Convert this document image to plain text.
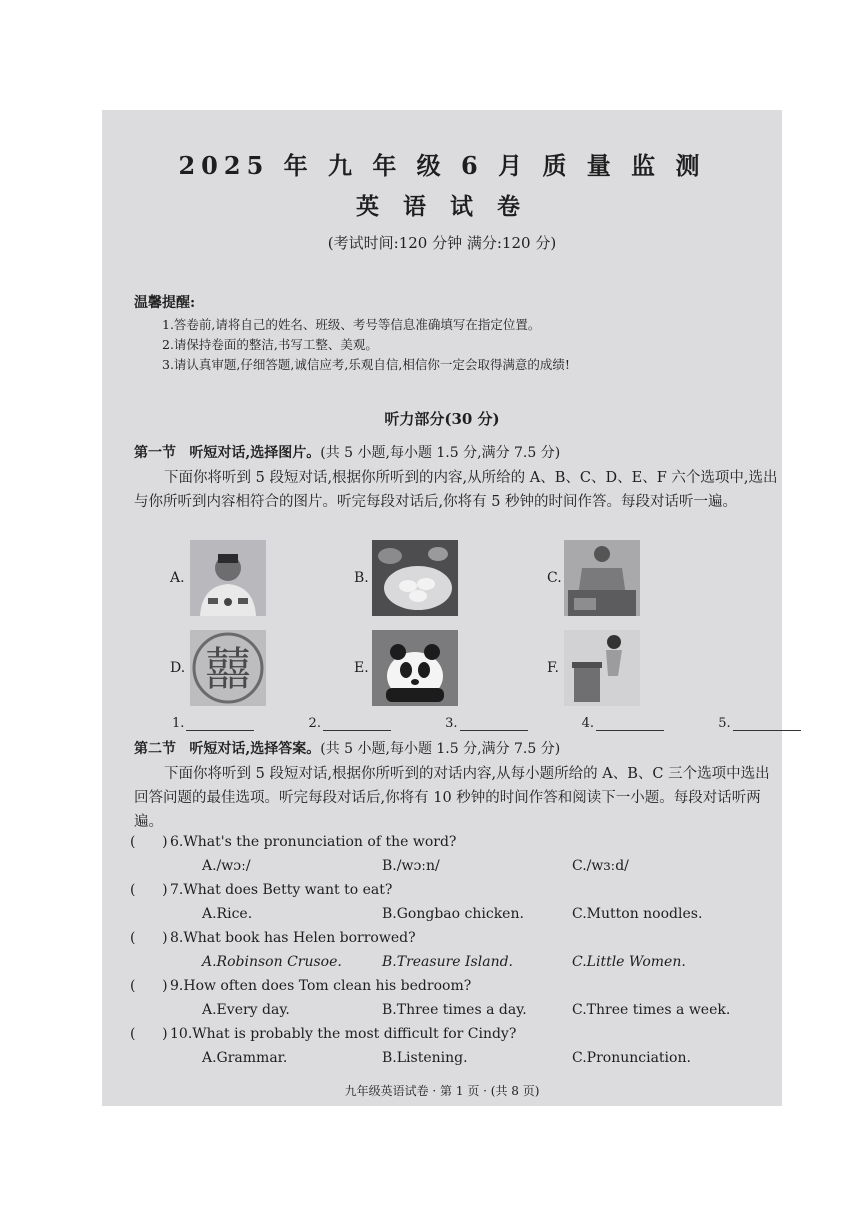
2025 年 九 年 级 6 月 质 量 监 测
英 语 试 卷
(考试时间:120 分钟 满分:120 分)
温馨提醒:
1.答卷前,请将自己的姓名、班级、考号等信息准确填写在指定位置。
2.请保持卷面的整洁,书写工整、美观。
3.请认真审题,仔细答题,诚信应考,乐观自信,相信你一定会取得满意的成绩!
听力部分(30 分)
第一节 听短对话,选择图片。(共 5 小题,每小题 1.5 分,满分 7.5 分)
下面你将听到 5 段短对话,根据你所听到的内容,从所给的 A、B、C、D、E、F 六个选项中,选出与你所听到内容相符合的图片。听完每段对话后,你将有 5 秒钟的时间作答。每段对话听一遍。
A.	B.	C.
D. 囍	E.	F.
1.	2.	3.	4.	5.
第二节 听短对话,选择答案。(共 5 小题,每小题 1.5 分,满分 7.5 分)
下面你将听到 5 段短对话,根据你所听到的对话内容,从每小题所给的 A、B、C 三个选项中选出回答问题的最佳选项。听完每段对话后,你将有 10 秒钟的时间作答和阅读下一小题。每段对话听两遍。
( ) 6.What's the pronunciation of the word?
A./wɔː/	B./wɔːn/	C./wɜːd/
( ) 7.What does Betty want to eat?
A.Rice.	B.Gongbao chicken.	C.Mutton noodles.
( ) 8.What book has Helen borrowed?
A.Robinson Crusoe.	B.Treasure Island.	C.Little Women.
( ) 9.How often does Tom clean his bedroom?
A.Every day.	B.Three times a day.	C.Three times a week.
( ) 10.What is probably the most difficult for Cindy?
A.Grammar.	B.Listening.	C.Pronunciation.
九年级英语试卷 · 第 1 页 · (共 8 页)
